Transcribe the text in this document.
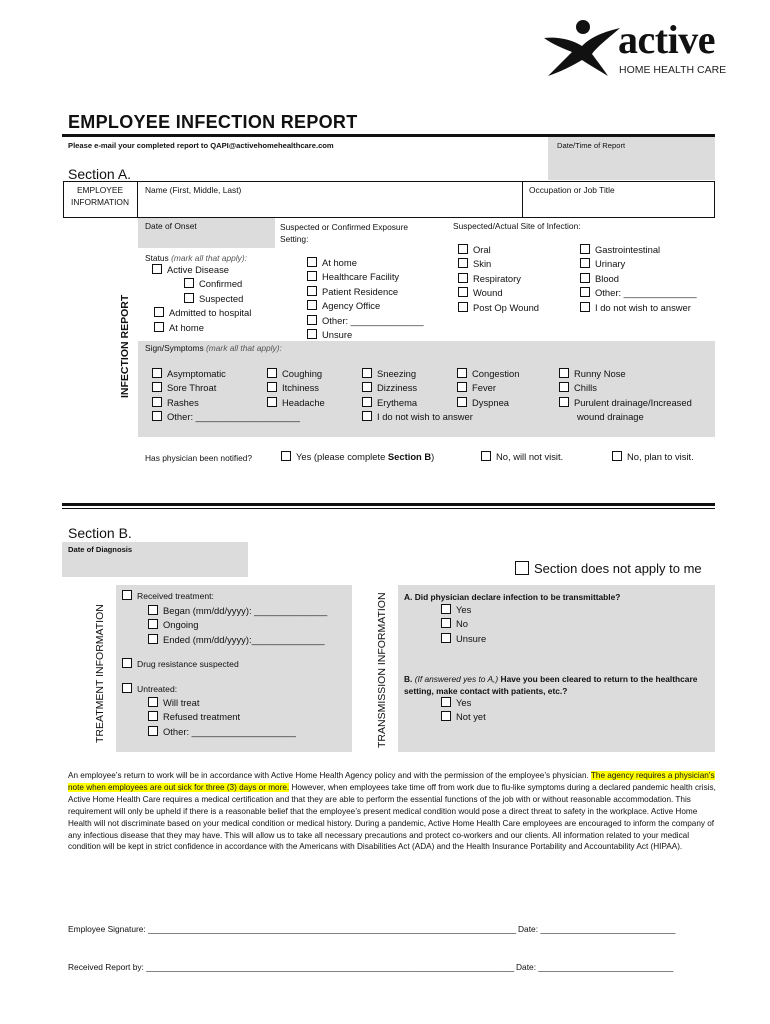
active
HOME HEALTH CARE
EMPLOYEE INFECTION REPORT
Please e-mail your completed report to QAPI@activehomehealthcare.com	Date/Time of Report
Section A.
EMPLOYEE
INFORMATION
Name (First, Middle, Last)	Occupation or Job Title
INFECTION REPORT
Date of Onset	Suspected or Confirmed Exposure
Setting:
Suspected/Actual Site of Infection:
Status (mark all that apply):
Active Disease
Confirmed
Suspected
Admitted to hospital
At home
At home
Healthcare Facility
Patient Residence
Agency Office
Other: ______________
Unsure
Oral
Skin
Respiratory
Wound
Post Op Wound
Gastrointestinal
Urinary
Blood
Other: ______________
I do not wish to answer
Sign/Symptoms (mark all that apply):
Asymptomatic
Sore Throat
Rashes
Other: ____________________
Coughing
Itchiness
Headache
Sneezing
Dizziness
Erythema
I do not wish to answer
Congestion
Fever
Dyspnea
Runny Nose
Chills
Purulent drainage/Increased
wound drainage
Has physician been notified?	Yes (please complete Section B)	No, will not visit.	No, plan to visit.
Section B.
Date of Diagnosis
Section does not apply to me
TREATMENT INFORMATION
Received treatment:
Began (mm/dd/yyyy): ______________
Ongoing
Ended (mm/dd/yyyy):______________
Drug resistance suspected
Untreated:
Will treat
Refused treatment
Other: ____________________	TRANSMISSION INFORMATION A. Did physician declare infection to be transmittable?
Yes
No
Unsure
B. (If answered yes to A,) Have you been cleared to return to the healthcare
setting, make contact with patients, etc.?
Yes
Not yet
An employee’s return to work will be in accordance with Active Home Health Agency policy and with the permission of the employee’s physician. The agency requires a physician’s note when employees are out sick for three (3) days or more. However, when employees take time off from work due to flu-like symptoms during a declared pandemic health crisis, Active Home Health Care requires a medical certification and that they are able to perform the essential functions of the job with or without reasonable accommodation. This requirement will only be upheld if there is a reasonable belief that the employee’s present medical condition would pose a direct threat to safety in the workplace. Active Home Health will not discriminate based on your medical condition or medical history. During a pandemic, Active Home Health Care employees are encouraged to inform the company of any infectious disease that they may have. This will allow us to take all necessary precautions and protect co-workers and our clients. All information related to your medical condition will be kept in strict confidence in accordance with the Americans with Disabilities Act (ADA) and the Health Insurance Portability and Accountability Act (HIPAA).
Employee Signature: _______________________________________________________________________________ Date: _____________________________
Received Report by: _______________________________________________________________________________ Date: _____________________________
